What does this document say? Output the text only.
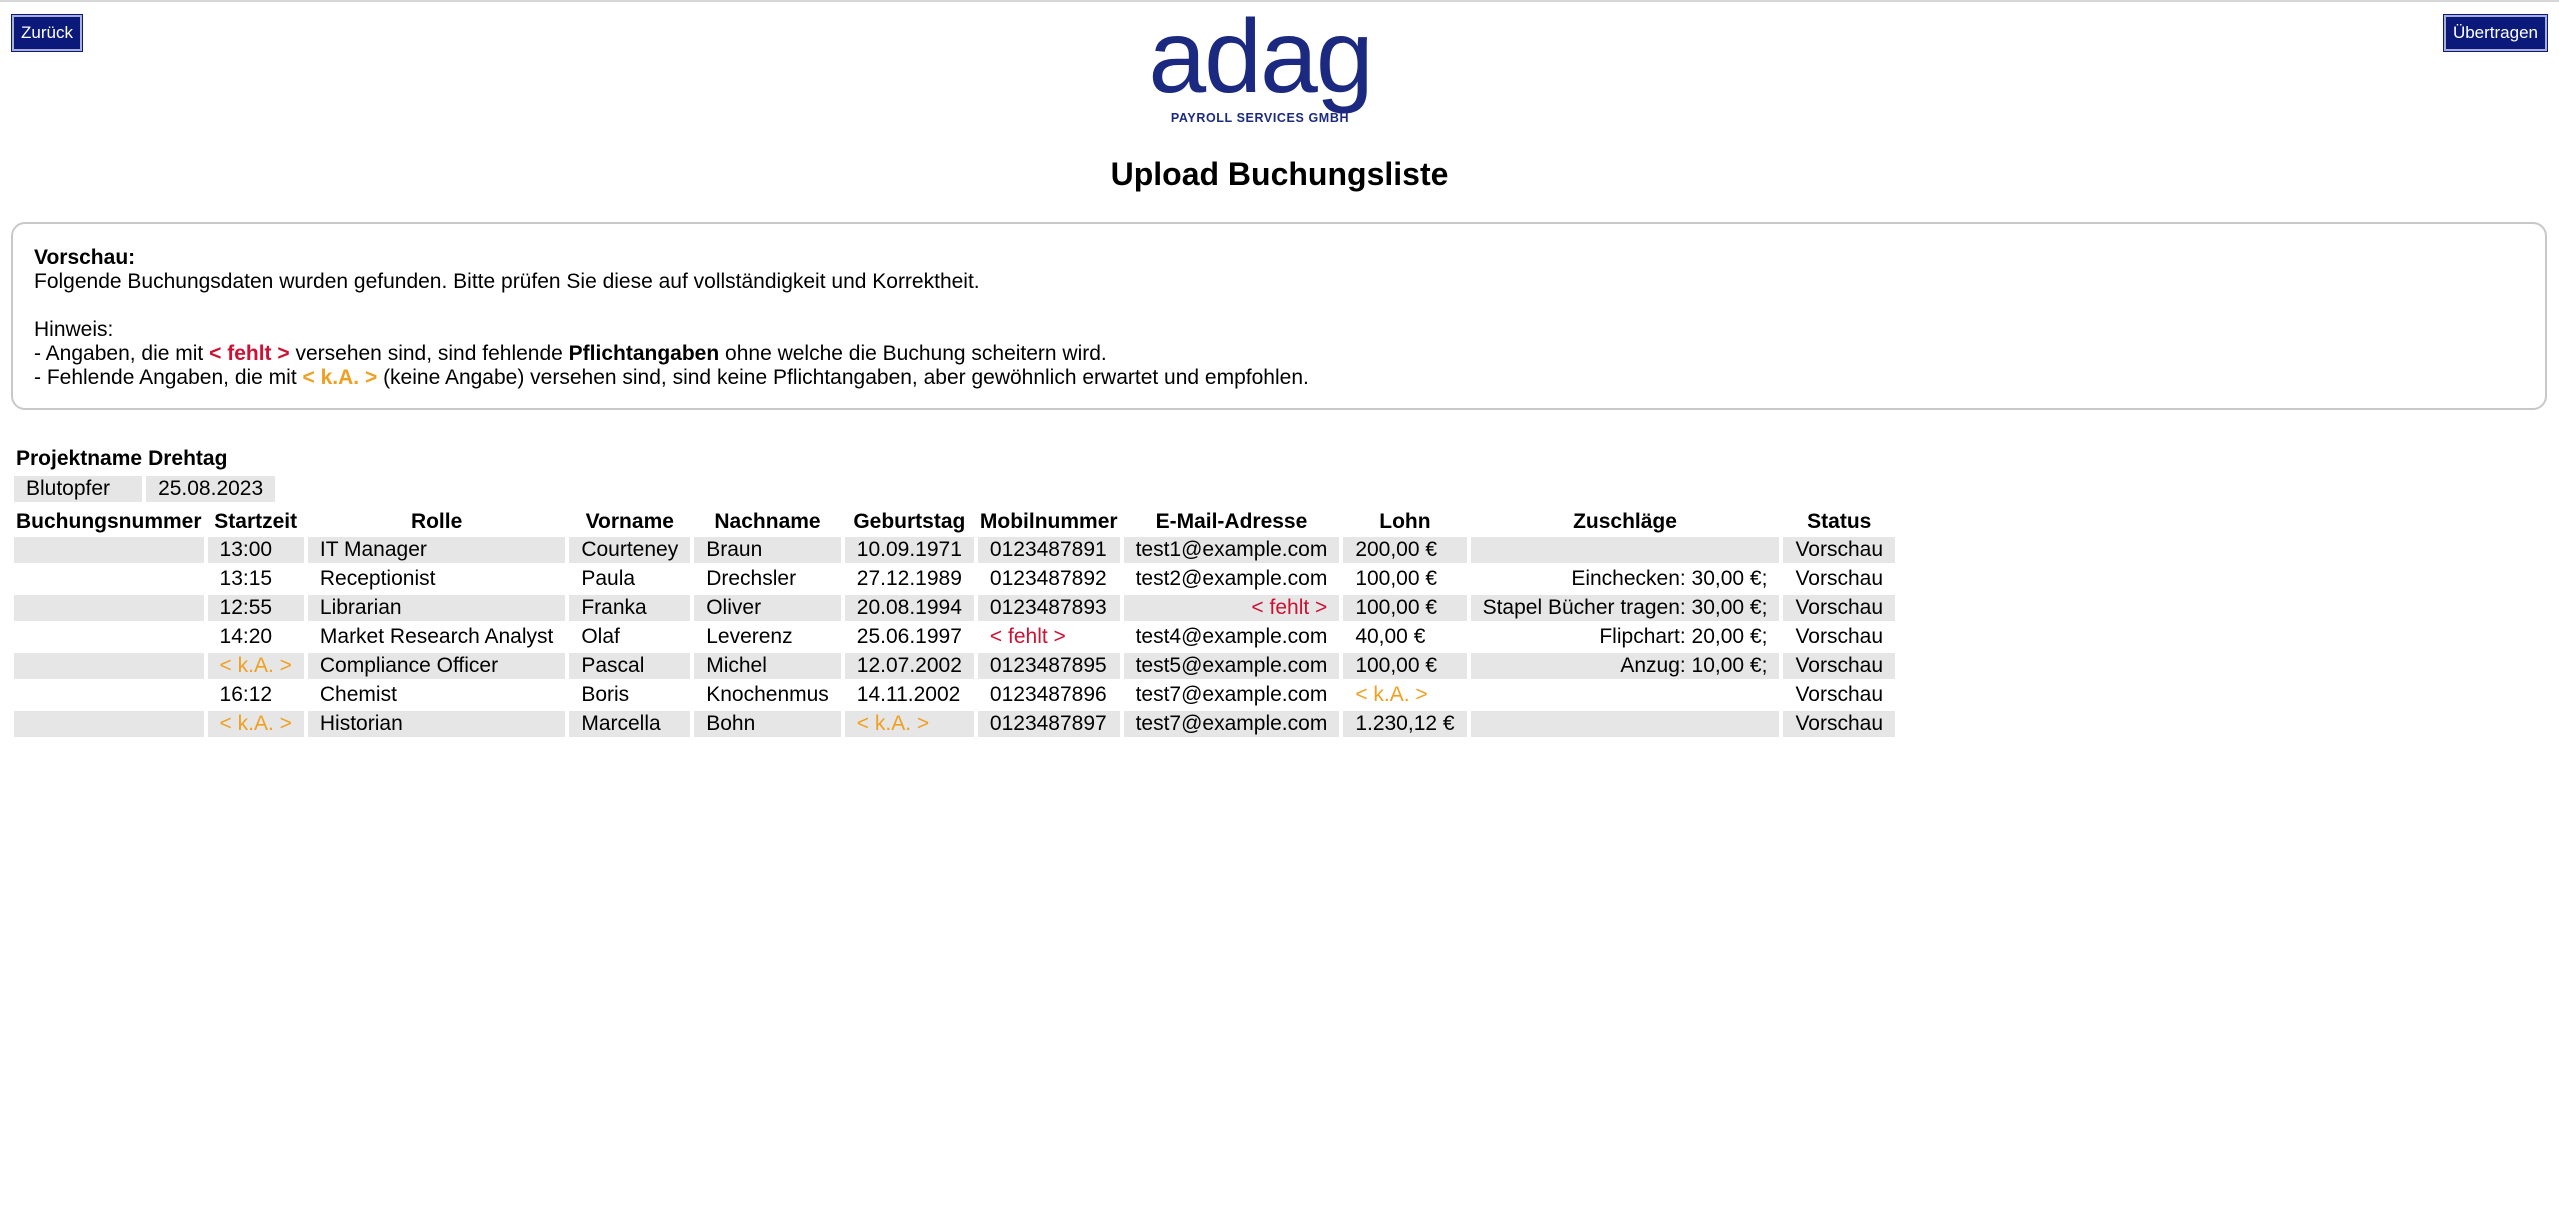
Zurück	Übertragen
adag
PAYROLL SERVICES GMBH
Upload Buchungsliste
Vorschau:
Folgende Buchungsdaten wurden gefunden. Bitte prüfen Sie diese auf vollständigkeit und Korrektheit.
Hinweis:
- Angaben, die mit < fehlt > versehen sind, sind fehlende Pflichtangaben ohne welche die Buchung scheitern wird.
- Fehlende Angaben, die mit < k.A. > (keine Angabe) versehen sind, sind keine Pflichtangaben, aber gewöhnlich erwartet und empfohlen.
Projektname	Drehtag
Blutopfer	25.08.2023
Buchungsnummer	Startzeit	Rolle	Vorname	Nachname	Geburtstag	Mobilnummer	E-Mail-Adresse	Lohn	Zuschläge	Status
	13:00	IT Manager	Courteney	Braun	10.09.1971	0123487891	test1@example.com	200,00 €		Vorschau
	13:15	Receptionist	Paula	Drechsler	27.12.1989	0123487892	test2@example.com	100,00 €	Einchecken: 30,00 €;	Vorschau
	12:55	Librarian	Franka	Oliver	20.08.1994	0123487893	< fehlt >	100,00 €	Stapel Bücher tragen: 30,00 €;	Vorschau
	14:20	Market Research Analyst	Olaf	Leverenz	25.06.1997	< fehlt >	test4@example.com	40,00 €	Flipchart: 20,00 €;	Vorschau
	< k.A. >	Compliance Officer	Pascal	Michel	12.07.2002	0123487895	test5@example.com	100,00 €	Anzug: 10,00 €;	Vorschau
	16:12	Chemist	Boris	Knochenmus	14.11.2002	0123487896	test7@example.com	< k.A. >		Vorschau
	< k.A. >	Historian	Marcella	Bohn	< k.A. >	0123487897	test7@example.com	1.230,12 €		Vorschau
